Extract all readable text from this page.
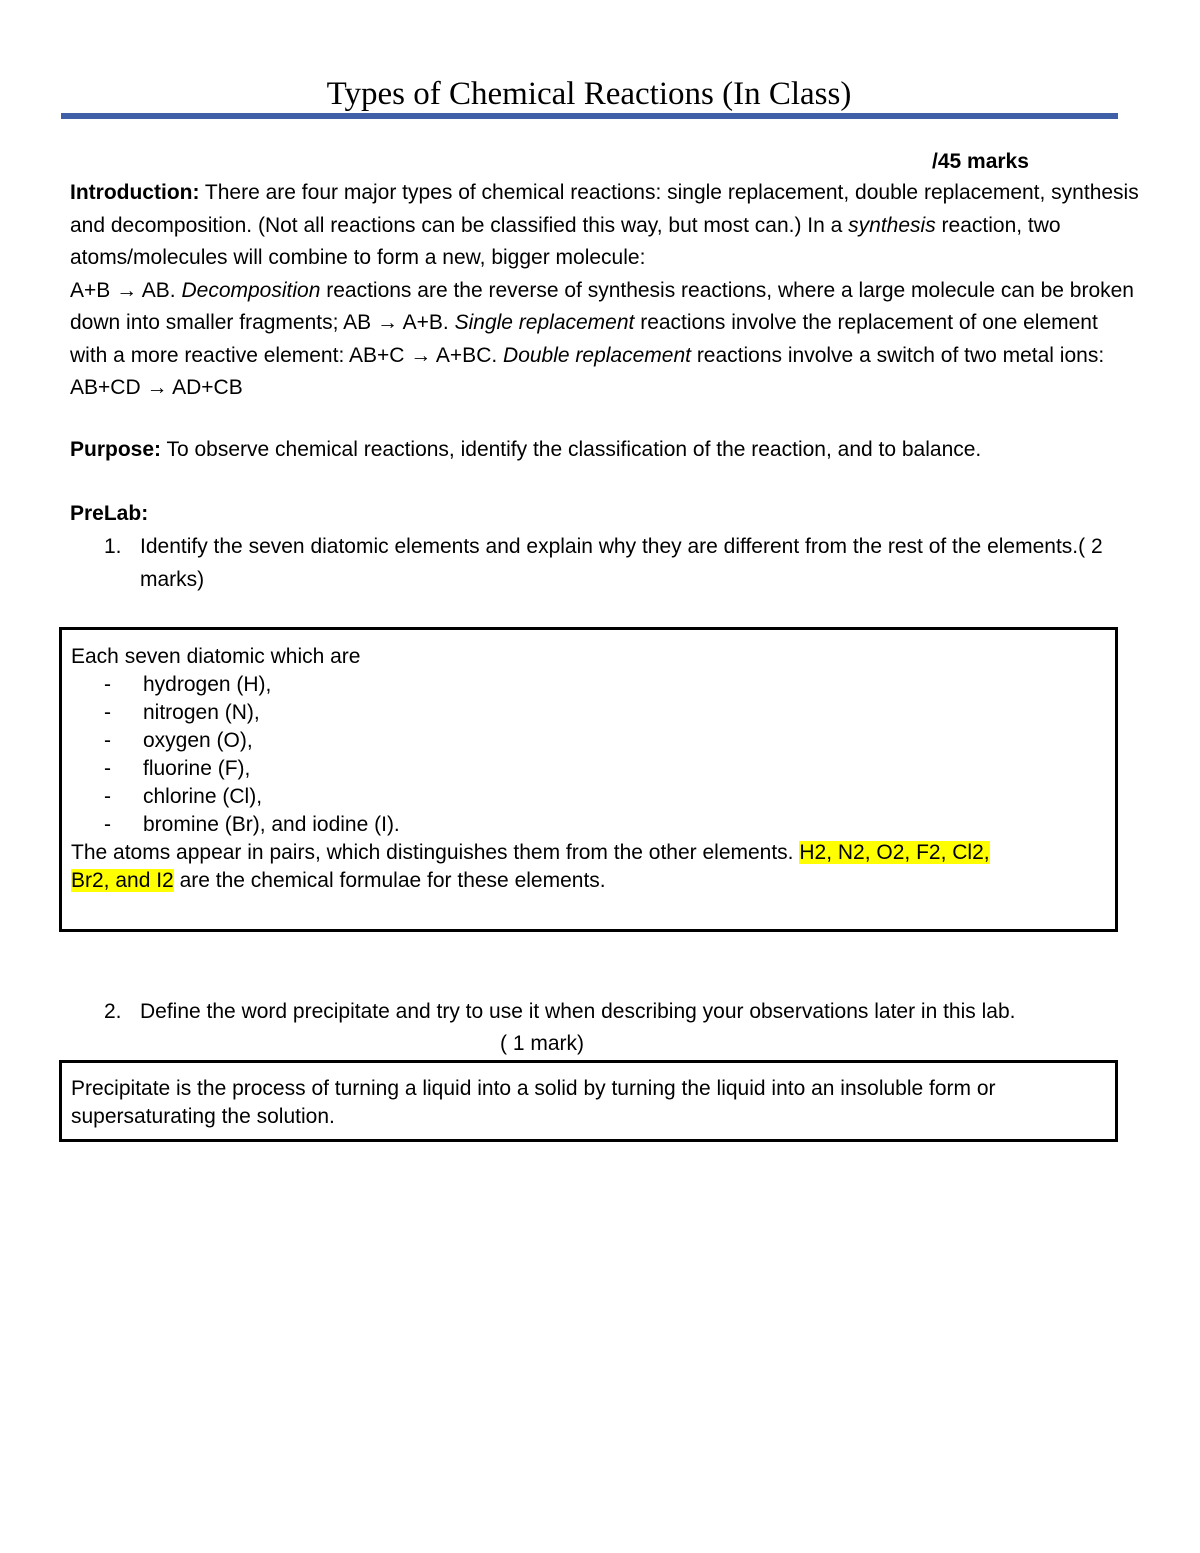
Types of Chemical Reactions (In Class)
/45 marks
Introduction: There are four major types of chemical reactions: single replacement, double replacement, synthesis and decomposition. (Not all reactions can be classified this way, but most can.) In a synthesis reaction, two atoms/molecules will combine to form a new, bigger molecule:
A+B → AB. Decomposition reactions are the reverse of synthesis reactions, where a large molecule can be broken down into smaller fragments; AB → A+B. Single replacement reactions involve the replacement of one element with a more reactive element: AB+C → A+BC. Double replacement reactions involve a switch of two metal ions: AB+CD → AD+CB
Purpose: To observe chemical reactions, identify the classification of the reaction, and to balance.
PreLab:
1. Identify the seven diatomic elements and explain why they are different from the rest of the elements.( 2 marks)
Each seven diatomic which are
-	hydrogen (H),
-	nitrogen (N),
-	oxygen (O),
-	fluorine (F),
-	chlorine (Cl),
-	bromine (Br), and iodine (I).
The atoms appear in pairs, which distinguishes them from the other elements. H2, N2, O2, F2, Cl2,
Br2, and I2 are the chemical formulae for these elements.
2. Define the word precipitate and try to use it when describing your observations later in this lab.
( 1 mark)
Precipitate is the process of turning a liquid into a solid by turning the liquid into an insoluble form or supersaturating the solution.
